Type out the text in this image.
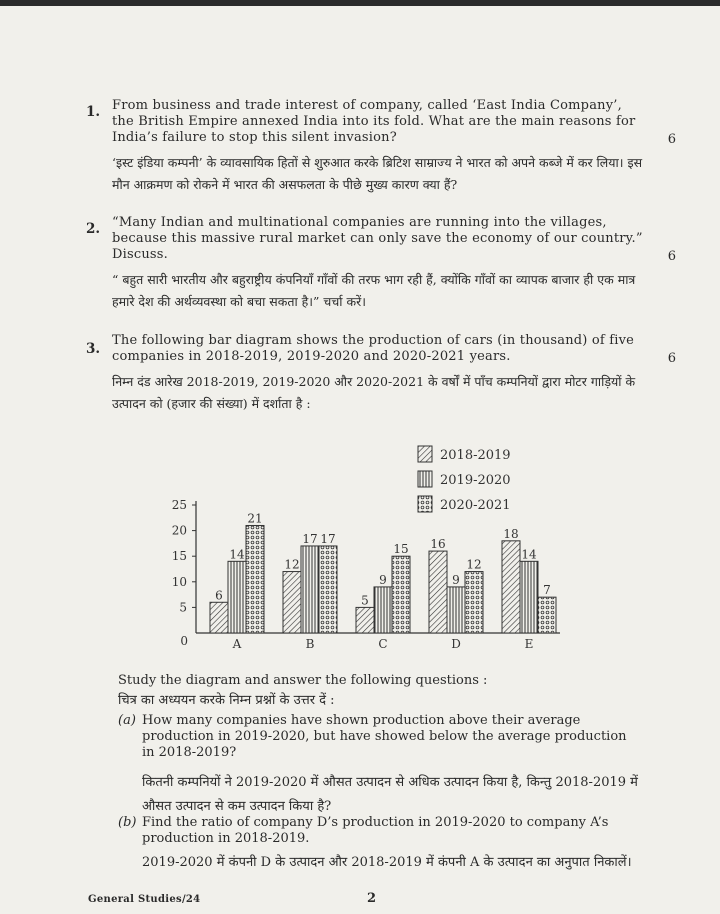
1. From business and trade interest of company, called ‘East India Company’, the British Empire annexed India into its fold. What are the main reasons for India’s failure to stop this silent invasion?
‘इस्ट इंडिया कम्पनी’ के व्यावसायिक हितों से शुरुआत करके ब्रिटिश साम्राज्य ने भारत को अपने कब्जे में कर लिया। इस मौन आक्रमण को रोकने में भारत की असफलता के पीछे मुख्य कारण क्या हैं?
6
2. “Many Indian and multinational companies are running into the villages, because this massive rural market can only save the economy of our country.” Discuss.
“ बहुत सारी भारतीय और बहुराष्ट्रीय कंपनियाँ गाँवों की तरफ भाग रही हैं, क्योंकि गाँवों का व्यापक बाजार ही एक मात्र हमारे देश की अर्थव्यवस्था को बचा सकता है।” चर्चा करें।
6
3.
The following bar diagram shows the production of cars (in thousand) of five companies in 2018-2019, 2019-2020 and 2020-2021 years.
निम्न दंड आरेख 2018-2019, 2019-2020 और 2020-2021 के वर्षों में पाँच कम्पनियों द्वारा मोटर गाड़ियों के उत्पादन को (हजार की संख्या) में दर्शाता है :
6
0
5
10
15
20
25
6
14
21
A
12
17 17
B
5
9
15
C
16
9
12
D
18
14
7
E
2018-2019
2019-2020
2020-2021
Study the diagram and answer the following questions :
चित्र का अध्ययन करके निम्न प्रश्नों के उत्तर दें :
(a) How many companies have shown production above their average production in 2019-2020, but have showed below the average production in 2018-2019?
कितनी कम्पनियों ने 2019-2020 में औसत उत्पादन से अधिक उत्पादन किया है, किन्तु 2018-2019 में औसत उत्पादन से कम उत्पादन किया है?
(b) Find the ratio of company D’s production in 2019-2020 to company A’s production in 2018-2019.
2019-2020 में कंपनी D के उत्पादन और 2018-2019 में कंपनी A के उत्पादन का अनुपात निकालें।
General Studies/24	2
